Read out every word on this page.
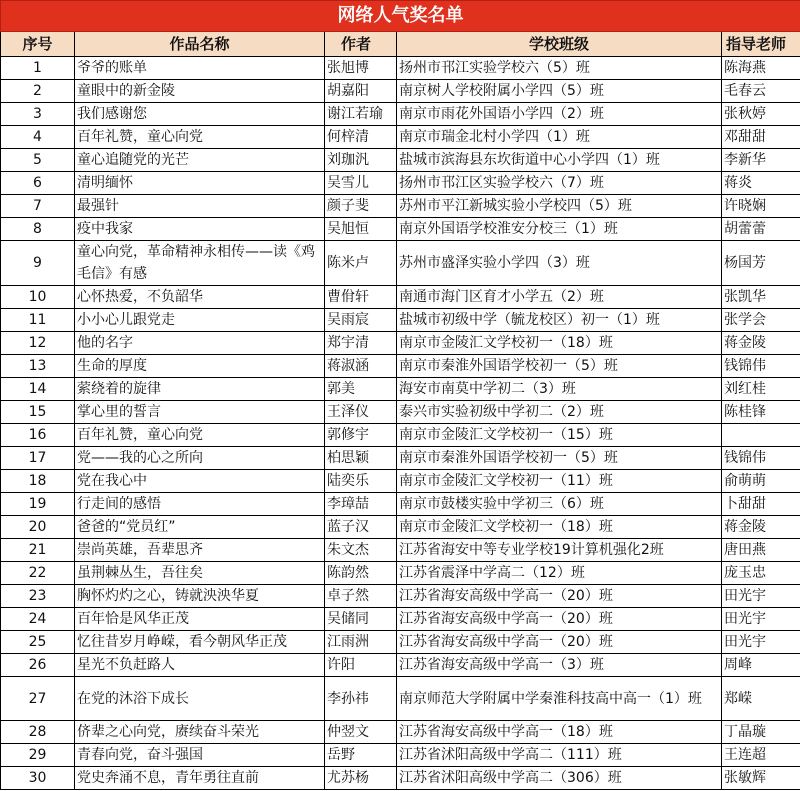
网络人气奖名单				
序号	作品名称	作者	学校班级	指导老师
1	爷爷的账单	张旭博	扬州市邗江实验学校六（5）班	陈海燕
2	童眼中的新金陵	胡嘉阳	南京树人学校附属小学四（5）班	毛春云
3	我们感谢您	谢江若瑜	南京市雨花外国语小学四（2）班	张秋婷
4	百年礼赞，童心向党	何梓清	南京市瑞金北村小学四（1）班	邓甜甜
5	童心追随党的光芒	刘珈汎	盐城市滨海县东坎街道中心小学四（1）班	李新华
6	清明缅怀	吴雪儿	扬州市邗江区实验学校六（7）班	蒋炎
7	最强针	颜子斐	苏州市平江新城实验小学校四（5）班	许晓娴
8	疫中我家	吴旭恒	南京外国语学校淮安分校三（1）班	胡蕾蕾
9	童心向党，革命精神永相传——读《鸡毛信》有感	陈米卢	苏州市盛泽实验小学四（3）班	杨国芳
10	心怀热爱，不负韶华	曹佾轩	南通市海门区育才小学五（2）班	张凯华
11	小小心儿跟党走	吴雨宸	盐城市初级中学（毓龙校区）初一（1）班	张学会
12	他的名字	郑宇清	南京市金陵汇文学校初一（18）班	蒋金陵
13	生命的厚度	蒋淑涵	南京市秦淮外国语学校初一（5）班	钱锦伟
14	萦绕着的旋律	郭美	海安市南莫中学初二（3）班	刘红桂
15	掌心里的誓言	王泽仪	泰兴市实验初级中学初二（2）班	陈桂锋
16	百年礼赞，童心向党	郭修宇	南京市金陵汇文学校初一（15）班	
17	党——我的心之所向	柏思颖	南京市秦淮外国语学校初一（5）班	钱锦伟
18	党在我心中	陆奕乐	南京市金陵汇文学校初一（11）班	俞萌萌
19	行走间的感悟	李璋喆	南京市鼓楼实验中学初三（6）班	卜甜甜
20	爸爸的“党员红”	蓝子汉	南京市金陵汇文学校初一（18）班	蒋金陵
21	崇尚英雄，吾辈思齐	朱文杰	江苏省海安中等专业学校19计算机强化2班	唐田燕
22	虽荆棘丛生，吾往矣	陈韵然	江苏省震泽中学高二（12）班	庞玉忠
23	胸怀灼灼之心，铸就泱泱华夏	卓子然	江苏省海安高级中学高一（20）班	田光宇
24	百年恰是风华正茂	吴储同	江苏省海安高级中学高一（20）班	田光宇
25	忆往昔岁月峥嵘，看今朝风华正茂	江雨洲	江苏省海安高级中学高一（20）班	田光宇
26	星光不负赶路人	许阳	江苏省海安高级中学高一（3）班	周峰
27	在党的沐浴下成长	李孙祎	南京师范大学附属中学秦淮科技高中高一（1）班	郑嵘
28	侪辈之心向党，赓续奋斗荣光	仲翌文	江苏省海安高级中学高一（18）班	丁晶璇
29	青春向党，奋斗强国	岳野	江苏省沭阳高级中学高二（111）班	王连超
30	党史奔涌不息，青年勇往直前	尤苏杨	江苏省沭阳高级中学高二（306）班	张敏辉
